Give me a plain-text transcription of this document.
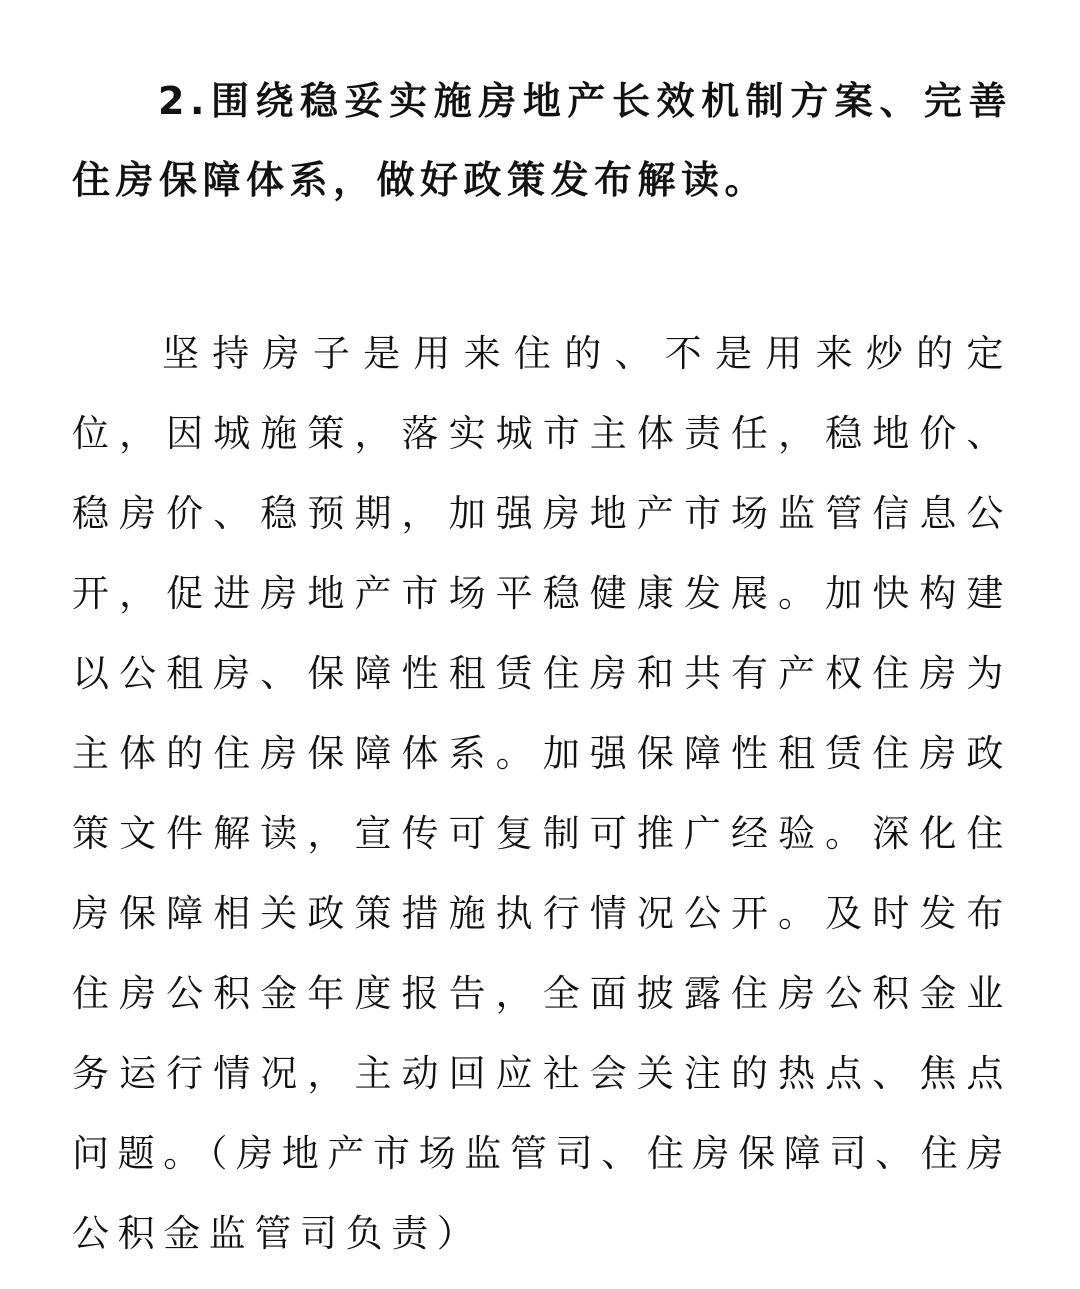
2.围绕稳妥实施房地产长效机制方案、完善住房保障体系，做好政策发布解读。

坚持房子是用来住的、不是用来炒的定位，因城施策，落实城市主体责任，稳地价、稳房价、稳预期，加强房地产市场监管信息公开，促进房地产市场平稳健康发展。加快构建以公租房、保障性租赁住房和共有产权住房为主体的住房保障体系。加强保障性租赁住房政策文件解读，宣传可复制可推广经验。深化住房保障相关政策措施执行情况公开。及时发布住房公积金年度报告，全面披露住房公积金业务运行情况，主动回应社会关注的热点、焦点问题。（房地产市场监管司、住房保障司、住房公积金监管司负责）
